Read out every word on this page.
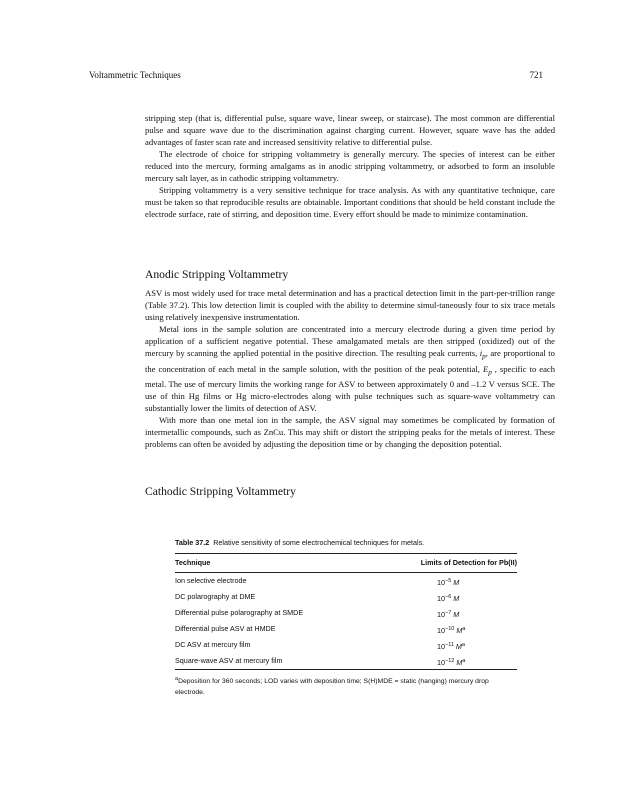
Voltammetric Techniques	721

stripping step (that is, differential pulse, square wave, linear sweep, or staircase). The most common are differential pulse and square wave due to the discrimination against charging current. However, square wave has the added advantages of faster scan rate and increased sensitivity relative to differential pulse.

The electrode of choice for stripping voltammetry is generally mercury. The species of interest can be either reduced into the mercury, forming amalgams as in anodic stripping voltammetry, or adsorbed to form an insoluble mercury salt layer, as in cathodic stripping voltammetry.

Stripping voltammetry is a very sensitive technique for trace analysis. As with any quantitative technique, care must be taken so that reproducible results are obtainable. Important conditions that should be held constant include the electrode surface, rate of stirring, and deposition time. Every effort should be made to minimize contamination.

Anodic Stripping Voltammetry

ASV is most widely used for trace metal determination and has a practical detection limit in the part-per-trillion range (Table 37.2). This low detection limit is coupled with the ability to determine simul-taneously four to six trace metals using relatively inexpensive instrumentation.

Metal ions in the sample solution are concentrated into a mercury electrode during a given time period by application of a sufficient negative potential. These amalgamated metals are then stripped (oxidized) out of the mercury by scanning the applied potential in the positive direction. The resulting peak currents, $i_p$, are proportional to the concentration of each metal in the sample solution, with the position of the peak potential, $E_p$ , specific to each metal. The use of mercury limits the working range for ASV to between approximately 0 and –1.2 V versus SCE. The use of thin Hg films or Hg micro-electrodes along with pulse techniques such as square-wave voltammetry can substantially lower the limits of detection of ASV.

With more than one metal ion in the sample, the ASV signal may sometimes be complicated by formation of intermetallic compounds, such as ZnCu. This may shift or distort the stripping peaks for the metals of interest. These problems can often be avoided by adjusting the deposition time or by changing the deposition potential.

Cathodic Stripping Voltammetry
Table 37.2 Relative sensitivity of some electrochemical techniques for metals.
Technique	Limits of Detection for Pb(II)
Ion selective electrode	$10^{-5}$ M
DC polarography at DME	$10^{-6}$ M
Differential pulse polarography at SMDE	$10^{-7}$ M
Differential pulse ASV at HMDE	$10^{-10}$ $M^a$
DC ASV at mercury film	$10^{-11}$ $M^a$
Square-wave ASV at mercury film	$10^{-12}$ $M^a$
$^a$Deposition for 360 seconds; LOD varies with deposition time; S(H)MDE = static (hanging) mercury drop electrode.
